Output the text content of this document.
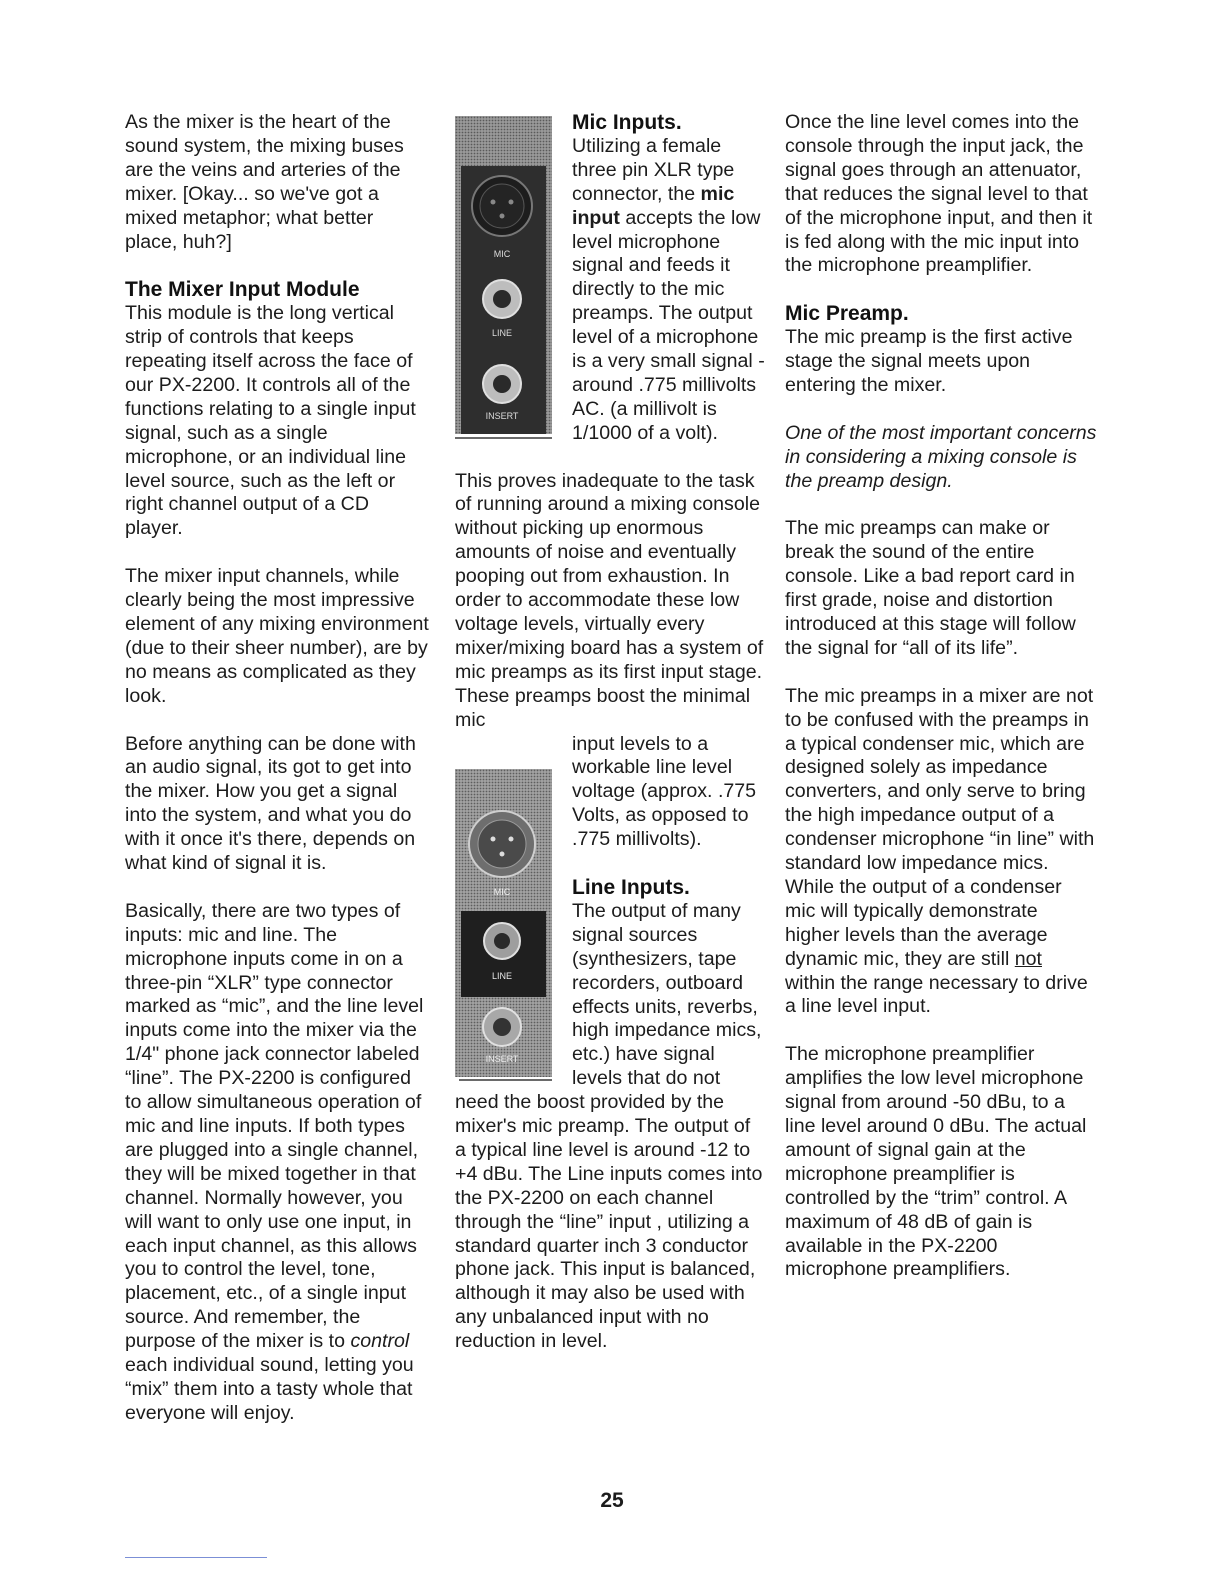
As the mixer is the heart of the sound system, the mixing buses are the veins and arteries of the mixer. [Okay... so we've got a mixed metaphor; what better place, huh?]

The Mixer Input Module

This module is the long vertical strip of controls that keeps repeating itself across the face of our PX-2200. It controls all of the functions relating to a single input signal, such as a single microphone, or an individual line level source, such as the left or right channel output of a CD player.

The mixer input channels, while clearly being the most impressive element of any mixing environment (due to their sheer number), are by no means as complicated as they look.

Before anything can be done with an audio signal, its got to get into the mixer. How you get a signal into the system, and what you do with it once it's there, depends on what kind of signal it is.

Basically, there are two types of inputs: mic and line. The microphone inputs come in on a three-pin “XLR” type connector marked as “mic”, and the line level inputs come into the mixer via the 1/4" phone jack connector labeled “line”. The PX-2200 is configured to allow simultaneous operation of mic and line inputs. If both types are plugged into a single channel, they will be mixed together in that channel. Normally however, you will want to only use one input, in each input channel, as this allows you to control the level, tone, placement, etc., of a single input source. And remember, the purpose of the mixer is to control each individual sound, letting you “mix” them into a tasty whole that everyone will enjoy.

MIC
LINE
INSERT
Mic Inputs.

Utilizing a female three pin XLR type connector, the mic input accepts the low level microphone signal and feeds it directly to the mic preamps. The output level of a microphone is a very small signal -around .775 millivolts AC. (a millivolt is 1/1000 of a volt).

This proves inadequate to the task of running around a mixing console without picking up enormous amounts of noise and eventually pooping out from exhaustion. In order to accommodate these low voltage levels, virtually every mixer/mixing board has a system of mic preamps as its first input stage. These preamps boost the minimal mic

MIC
LINE
INSERT

input levels to a workable line level voltage (approx. .775 Volts, as opposed to .775 millivolts).

Line Inputs.

The output of many signal sources (synthesizers, tape recorders, outboard effects units, reverbs, high impedance mics, etc.) have signal levels that do not need the boost provided by the mixer's mic preamp. The output of a typical line level is around -12 to +4 dBu. The Line inputs comes into the PX-2200 on each channel through the “line” input , utilizing a standard quarter inch 3 conductor phone jack. This input is balanced, although it may also be used with any unbalanced input with no reduction in level.

Once the line level comes into the console through the input jack, the signal goes through an attenuator, that reduces the signal level to that of the microphone input, and then it is fed along with the mic input into the microphone preamplifier.

Mic Preamp.

The mic preamp is the first active stage the signal meets upon entering the mixer.

One of the most important concerns in considering a mixing console is the preamp design.

The mic preamps can make or break the sound of the entire console. Like a bad report card in first grade, noise and distortion introduced at this stage will follow the signal for “all of its life”.

The mic preamps in a mixer are not to be confused with the preamps in a typical condenser mic, which are designed solely as impedance converters, and only serve to bring the high impedance output of a condenser microphone “in line” with standard low impedance mics. While the output of a condenser mic will typically demonstrate higher levels than the average dynamic mic, they are still not within the range necessary to drive a line level input.

The microphone preamplifier amplifies the low level microphone signal from around -50 dBu, to a line level around 0 dBu. The actual amount of signal gain at the microphone preamplifier is controlled by the “trim” control. A maximum of 48 dB of gain is available in the PX-2200 microphone preamplifiers.

25
